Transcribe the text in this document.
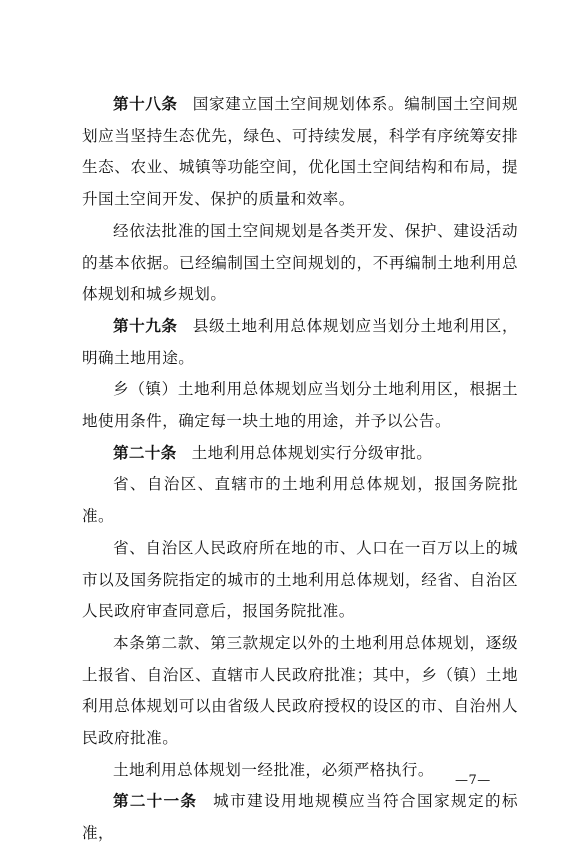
第十八条 国家建立国土空间规划体系。编制国土空间规划应当坚持生态优先，绿色、可持续发展，科学有序统筹安排生态、农业、城镇等功能空间，优化国土空间结构和布局，提升国土空间开发、保护的质量和效率。

经依法批准的国土空间规划是各类开发、保护、建设活动的基本依据。已经编制国土空间规划的，不再编制土地利用总体规划和城乡规划。

第十九条 县级土地利用总体规划应当划分土地利用区，明确土地用途。

乡（镇）土地利用总体规划应当划分土地利用区，根据土地使用条件，确定每一块土地的用途，并予以公告。

第二十条 土地利用总体规划实行分级审批。

省、自治区、直辖市的土地利用总体规划，报国务院批准。

省、自治区人民政府所在地的市、人口在一百万以上的城市以及国务院指定的城市的土地利用总体规划，经省、自治区人民政府审查同意后，报国务院批准。

本条第二款、第三款规定以外的土地利用总体规划，逐级上报省、自治区、直辖市人民政府批准；其中，乡（镇）土地利用总体规划可以由省级人民政府授权的设区的市、自治州人民政府批准。

土地利用总体规划一经批准，必须严格执行。

第二十一条 城市建设用地规模应当符合国家规定的标准，

—7—
